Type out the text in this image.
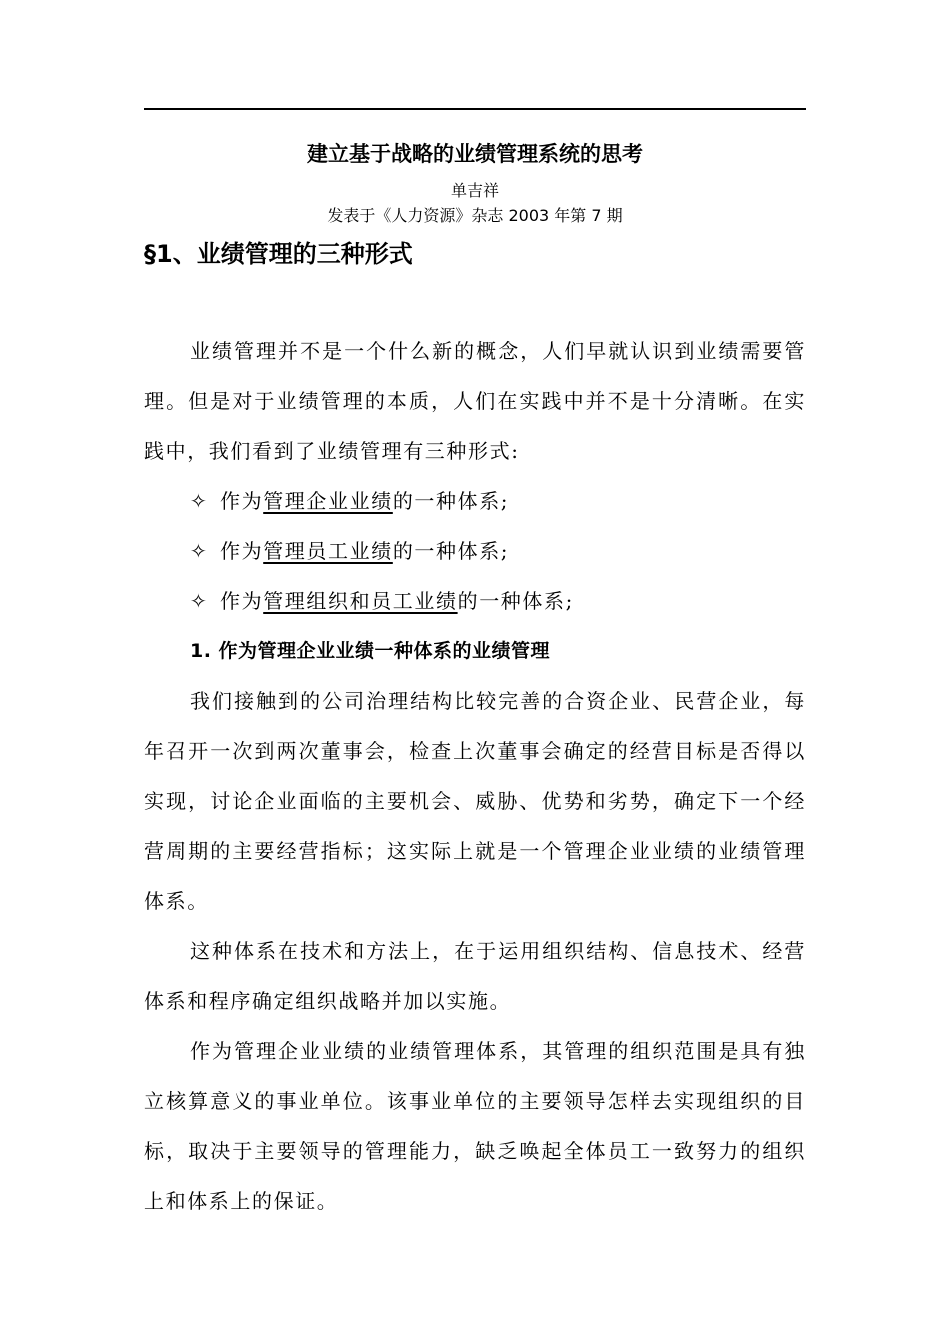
建立基于战略的业绩管理系统的思考
单吉祥
发表于《人力资源》杂志 2003 年第 7 期
§1、业绩管理的三种形式

业绩管理并不是一个什么新的概念，人们早就认识到业绩需要管理。但是对于业绩管理的本质，人们在实践中并不是十分清晰。在实践中，我们看到了业绩管理有三种形式:

✧ 作为管理企业业绩的一种体系;

✧ 作为管理员工业绩的一种体系;

✧ 作为管理组织和员工业绩的一种体系;

1. 作为管理企业业绩一种体系的业绩管理

我们接触到的公司治理结构比较完善的合资企业、民营企业，每年召开一次到两次董事会，检查上次董事会确定的经营目标是否得以实现，讨论企业面临的主要机会、威胁、优势和劣势，确定下一个经营周期的主要经营指标；这实际上就是一个管理企业业绩的业绩管理体系。

这种体系在技术和方法上，在于运用组织结构、信息技术、经营体系和程序确定组织战略并加以实施。

作为管理企业业绩的业绩管理体系，其管理的组织范围是具有独立核算意义的事业单位。该事业单位的主要领导怎样去实现组织的目标，取决于主要领导的管理能力，缺乏唤起全体员工一致努力的组织上和体系上的保证。
